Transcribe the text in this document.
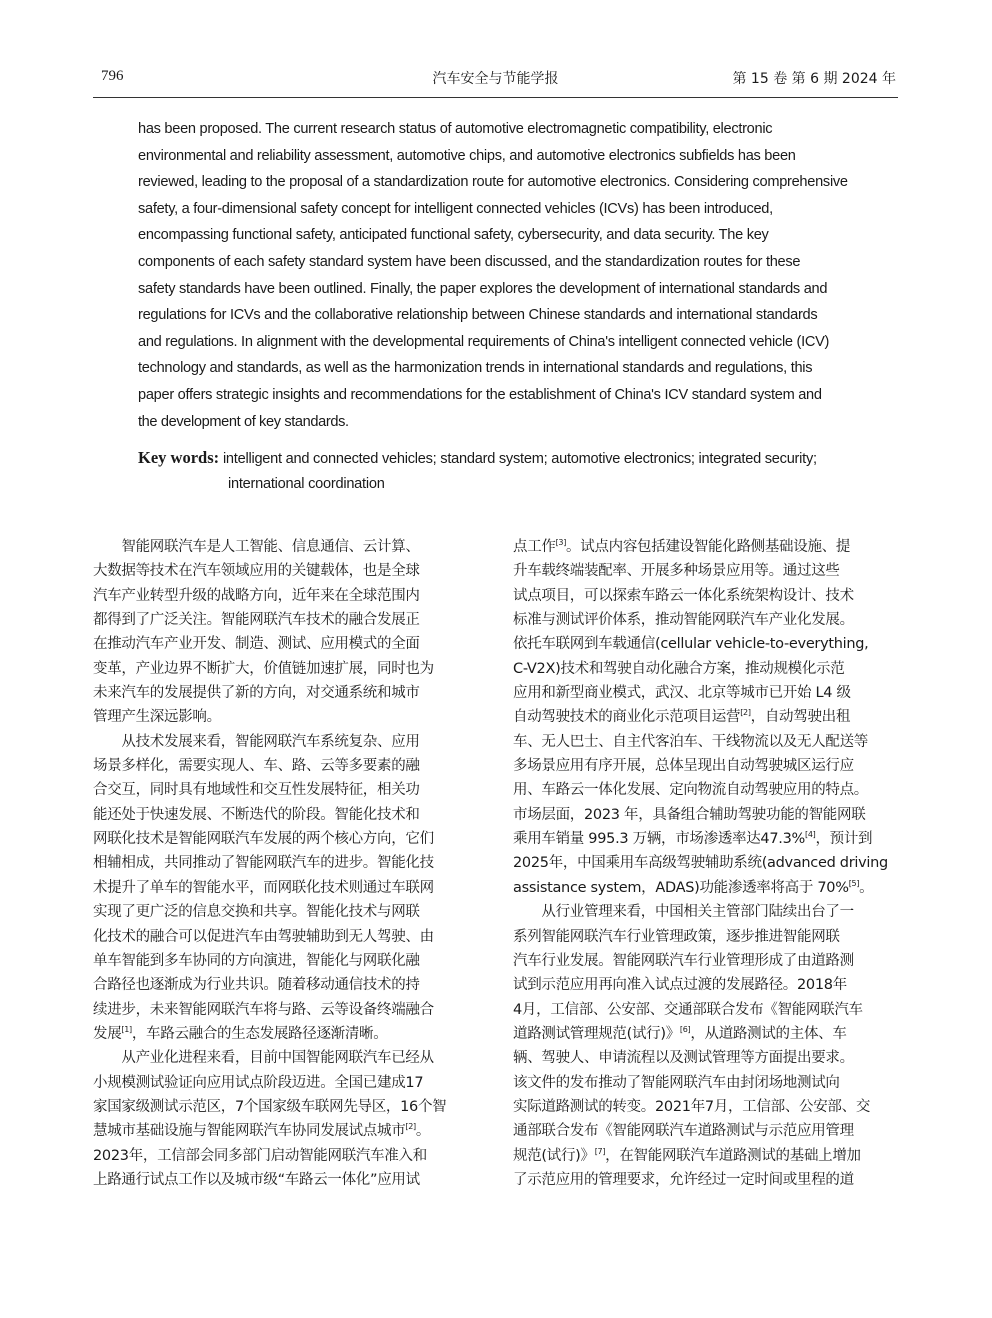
796	汽车安全与节能学报	第 15 卷 第 6 期 2024 年
has been proposed. The current research status of automotive electromagnetic compatibility, electronic
environmental and reliability assessment, automotive chips, and automotive electronics subfields has been
reviewed, leading to the proposal of a standardization route for automotive electronics. Considering comprehensive
safety, a four-dimensional safety concept for intelligent connected vehicles (ICVs) has been introduced,
encompassing functional safety, anticipated functional safety, cybersecurity, and data security. The key
components of each safety standard system have been discussed, and the standardization routes for these
safety standards have been outlined. Finally, the paper explores the development of international standards and
regulations for ICVs and the collaborative relationship between Chinese standards and international standards
and regulations. In alignment with the developmental requirements of China's intelligent connected vehicle (ICV)
technology and standards, as well as the harmonization trends in international standards and regulations, this
paper offers strategic insights and recommendations for the establishment of China's ICV standard system and
the development of key standards.
Key words: intelligent and connected vehicles; standard system; automotive electronics; integrated security;
international coordination
　　智能网联汽车是人工智能、信息通信、云计算、
大数据等技术在汽车领域应用的关键载体，也是全球
汽车产业转型升级的战略方向，近年来在全球范围内
都得到了广泛关注。智能网联汽车技术的融合发展正
在推动汽车产业开发、制造、测试、应用模式的全面
变革，产业边界不断扩大，价值链加速扩展，同时也为
未来汽车的发展提供了新的方向，对交通系统和城市
管理产生深远影响。
　　从技术发展来看，智能网联汽车系统复杂、应用
场景多样化，需要实现人、车、路、云等多要素的融
合交互，同时具有地域性和交互性发展特征，相关功
能还处于快速发展、不断迭代的阶段。智能化技术和
网联化技术是智能网联汽车发展的两个核心方向，它们
相辅相成，共同推动了智能网联汽车的进步。智能化技
术提升了单车的智能水平，而网联化技术则通过车联网
实现了更广泛的信息交换和共享。智能化技术与网联
化技术的融合可以促进汽车由驾驶辅助到无人驾驶、由
单车智能到多车协同的方向演进，智能化与网联化融
合路径也逐渐成为行业共识。随着移动通信技术的持
续进步，未来智能网联汽车将与路、云等设备终端融合
发展[1]，车路云融合的生态发展路径逐渐清晰。
　　从产业化进程来看，目前中国智能网联汽车已经从
小规模测试验证向应用试点阶段迈进。全国已建成17
家国家级测试示范区，7个国家级车联网先导区，16个智
慧城市基础设施与智能网联汽车协同发展试点城市[2]。
2023年，工信部会同多部门启动智能网联汽车准入和
上路通行试点工作以及城市级“车路云一体化”应用试
点工作[3]。试点内容包括建设智能化路侧基础设施、提
升车载终端装配率、开展多种场景应用等。通过这些
试点项目，可以探索车路云一体化系统架构设计、技术
标准与测试评价体系，推动智能网联汽车产业化发展。
依托车联网到车载通信(cellular vehicle-to-everything,
C-V2X)技术和驾驶自动化融合方案，推动规模化示范
应用和新型商业模式，武汉、北京等城市已开始 L4 级
自动驾驶技术的商业化示范项目运营[2]，自动驾驶出租
车、无人巴士、自主代客泊车、干线物流以及无人配送等
多场景应用有序开展，总体呈现出自动驾驶城区运行应
用、车路云一体化发展、定向物流自动驾驶应用的特点。
市场层面，2023 年，具备组合辅助驾驶功能的智能网联
乘用车销量 995.3 万辆，市场渗透率达47.3%[4]，预计到
2025年，中国乘用车高级驾驶辅助系统(advanced driving
assistance system，ADAS)功能渗透率将高于 70%[5]。
　　从行业管理来看，中国相关主管部门陆续出台了一
系列智能网联汽车行业管理政策，逐步推进智能网联
汽车行业发展。智能网联汽车行业管理形成了由道路测
试到示范应用再向准入试点过渡的发展路径。2018年
4月，工信部、公安部、交通部联合发布《智能网联汽车
道路测试管理规范(试行)》[6]，从道路测试的主体、车
辆、驾驶人、申请流程以及测试管理等方面提出要求。
该文件的发布推动了智能网联汽车由封闭场地测试向
实际道路测试的转变。2021年7月，工信部、公安部、交
通部联合发布《智能网联汽车道路测试与示范应用管理
规范(试行)》[7]，在智能网联汽车道路测试的基础上增加
了示范应用的管理要求，允许经过一定时间或里程的道
